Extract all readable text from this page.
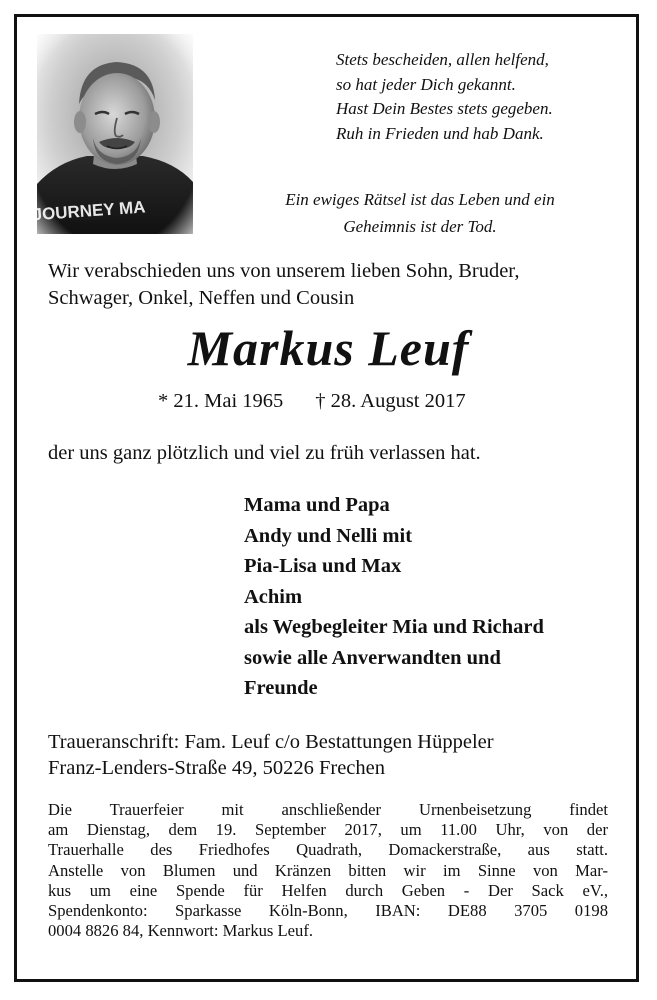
Stets bescheiden, allen helfend,
so hat jeder Dich gekannt.
Hast Dein Bestes stets gegeben.
Ruh in Frieden und hab Dank.
Ein ewiges Rätsel ist das Leben und ein
Geheimnis ist der Tod.
Wir verabschieden uns von unserem lieben Sohn, Bruder,
Schwager, Onkel, Neffen und Cousin
Markus Leuf
* 21. Mai 1965 † 28. August 2017
der uns ganz plötzlich und viel zu früh verlassen hat.
Mama und Papa
Andy und Nelli mit
Pia-Lisa und Max
Achim
als Wegbegleiter Mia und Richard
sowie alle Anverwandten und
Freunde
Traueranschrift: Fam. Leuf c/o Bestattungen Hüppeler
Franz-Lenders-Straße 49, 50226 Frechen
Die Trauerfeier mit anschließender Urnenbeisetzung findet
am Dienstag, dem 19. September 2017, um 11.00 Uhr, von der
Trauerhalle des Friedhofes Quadrath, Domackerstraße, aus statt.
Anstelle von Blumen und Kränzen bitten wir im Sinne von Mar-
kus um eine Spende für Helfen durch Geben - Der Sack eV.,
Spendenkonto: Sparkasse Köln-Bonn, IBAN: DE88 3705 0198
0004 8826 84, Kennwort: Markus Leuf.
